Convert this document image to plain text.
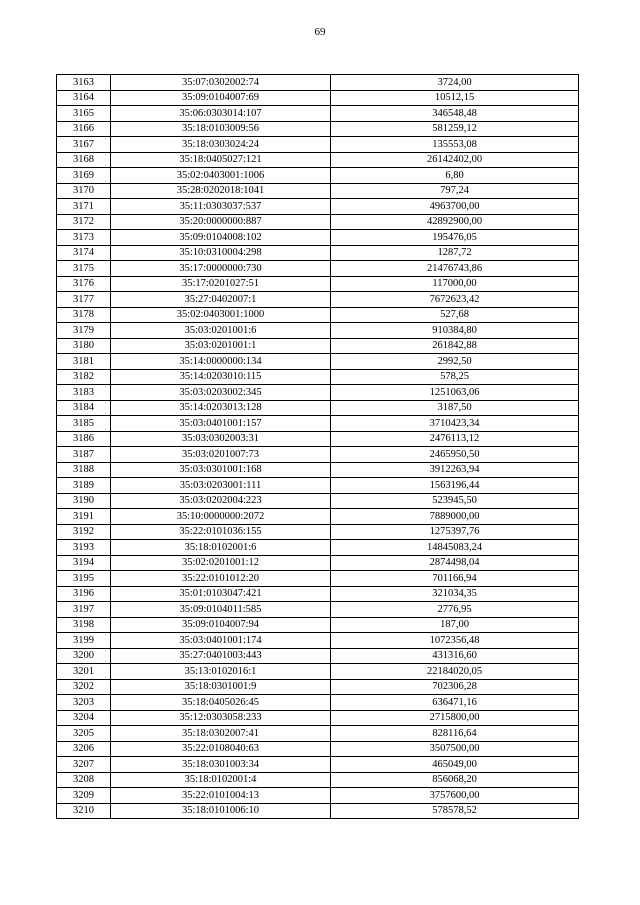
69
3163	35:07:0302002:74	3724,00
3164	35:09:0104007:69	10512,15
3165	35:06:0303014:107	346548,48
3166	35:18:0103009:56	581259,12
3167	35:18:0303024:24	135553,08
3168	35:18:0405027:121	26142402,00
3169	35:02:0403001:1006	6,80
3170	35:28:0202018:1041	797,24
3171	35:11:0303037:537	4963700,00
3172	35:20:0000000:887	42892900,00
3173	35:09:0104008:102	195476,05
3174	35:10:0310004:298	1287,72
3175	35:17:0000000:730	21476743,86
3176	35:17:0201027:51	117000,00
3177	35:27:0402007:1	7672623,42
3178	35:02:0403001:1000	527,68
3179	35:03:0201001:6	910384,80
3180	35:03:0201001:1	261842,88
3181	35:14:0000000:134	2992,50
3182	35:14:0203010:115	578,25
3183	35:03:0203002:345	1251063,06
3184	35:14:0203013:128	3187,50
3185	35:03:0401001:157	3710423,34
3186	35:03:0302003:31	2476113,12
3187	35:03:0201007:73	2465950,50
3188	35:03:0301001:168	3912263,94
3189	35:03:0203001:111	1563196,44
3190	35:03:0202004:223	523945,50
3191	35:10:0000000:2072	7889000,00
3192	35:22:0101036:155	1275397,76
3193	35:18:0102001:6	14845083,24
3194	35:02:0201001:12	2874498,04
3195	35:22:0101012:20	701166,94
3196	35:01:0103047:421	321034,35
3197	35:09:0104011:585	2776,95
3198	35:09:0104007:94	187,00
3199	35:03:0401001:174	1072356,48
3200	35:27:0401003:443	431316,60
3201	35:13:0102016:1	22184020,05
3202	35:18:0301001:9	702306,28
3203	35:18:0405026:45	636471,16
3204	35:12:0303058:233	2715800,00
3205	35:18:0302007:41	828116,64
3206	35:22:0108040:63	3507500,00
3207	35:18:0301003:34	465049,00
3208	35:18:0102001:4	856068,20
3209	35:22:0101004:13	3757600,00
3210	35:18:0101006:10	578578,52
